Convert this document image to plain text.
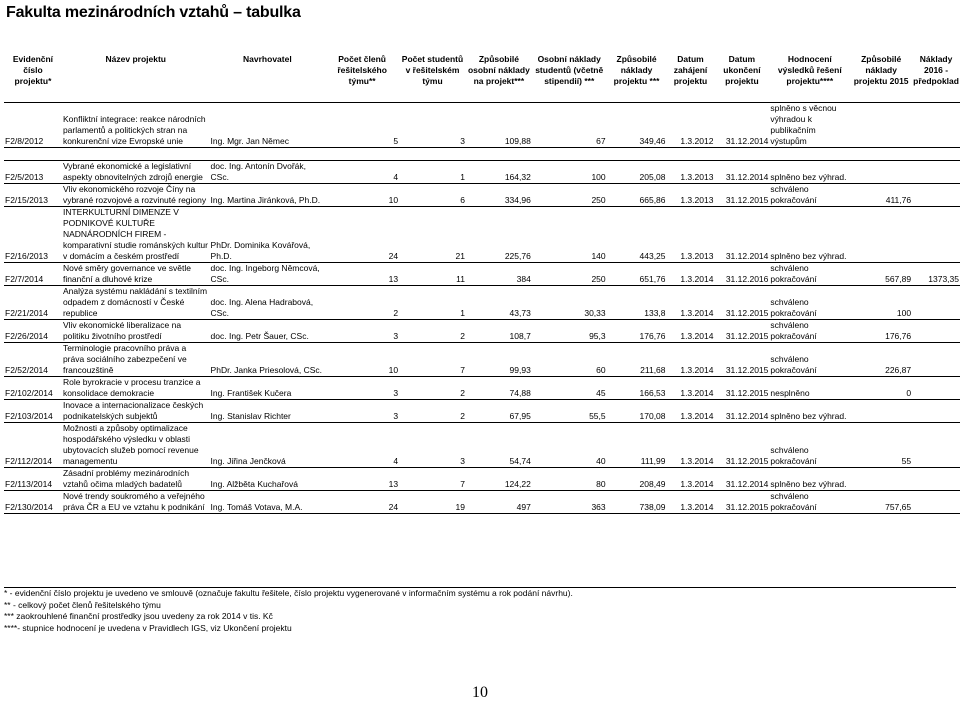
Fakulta mezinárodních vztahů – tabulka
Evidenční číslo projektu*	Název projektu	Navrhovatel	Počet členů řešitelského týmu**	Počet studentů v řešitelském týmu	Způsobilé osobní náklady na projekt***	Osobní náklady studentů (včetně stipendií) ***	Způsobilé náklady projektu ***	Datum zahájení projektu	Datum ukončení projektu	Hodnocení výsledků řešení projektu****	Způsobilé náklady projektu 2015	Náklady 2016 - předpoklad
F2/8/2012	Konfliktní integrace: reakce národních parlamentů a politických stran na konkurenční vize Evropské unie	Ing. Mgr. Jan Němec	5	3	109,88	67	349,46	1.3.2012	31.12.2014	splněno s věcnou výhradou k publikačním výstupům		

F2/5/2013	Vybrané ekonomické a legislativní aspekty obnovitelných zdrojů energie	doc. Ing. Antonín Dvořák, CSc.	4	1	164,32	100	205,08	1.3.2013	31.12.2014	splněno bez výhrad.		
F2/15/2013	Vliv ekonomického rozvoje Číny na vybrané rozvojové a rozvinuté regiony	Ing. Martina Jiránková, Ph.D.	10	6	334,96	250	665,86	1.3.2013	31.12.2015	schváleno pokračování	411,76	
F2/16/2013	INTERKULTURNÍ DIMENZE V PODNIKOVÉ KULTUŘE NADNÁRODNÍCH FIREM - komparativní studie románských kultur v domácím a českém prostředí	PhDr. Dominika Kovářová, Ph.D.	24	21	225,76	140	443,25	1.3.2013	31.12.2014	splněno bez výhrad.		
F2/7/2014	Nové směry governance ve světle finanční a dluhové krize	doc. Ing. Ingeborg Němcová, CSc.	13	11	384	250	651,76	1.3.2014	31.12.2016	schváleno pokračování	567,89	1373,35
F2/21/2014	Analýza systému nakládání s textilním odpadem z domácností v České republice	doc. Ing. Alena Hadrabová, CSc.	2	1	43,73	30,33	133,8	1.3.2014	31.12.2015	schváleno pokračování	100	
F2/26/2014	Vliv ekonomické liberalizace na politiku životního prostředí	doc. Ing. Petr Šauer, CSc.	3	2	108,7	95,3	176,76	1.3.2014	31.12.2015	schváleno pokračování	176,76	
F2/52/2014	Terminologie pracovního práva a práva sociálního zabezpečení ve francouzštině	PhDr. Janka Priesolová, CSc.	10	7	99,93	60	211,68	1.3.2014	31.12.2015	schváleno pokračování	226,87	
F2/102/2014	Role byrokracie v procesu tranzice a konsolidace demokracie	Ing. František Kučera	3	2	74,88	45	166,53	1.3.2014	31.12.2015	nesplněno	0	
F2/103/2014	Inovace a internacionalizace českých podnikatelských subjektů	Ing. Stanislav Richter	3	2	67,95	55,5	170,08	1.3.2014	31.12.2014	splněno bez výhrad.		
F2/112/2014	Možnosti a způsoby optimalizace hospodářského výsledku v oblasti ubytovacích služeb pomocí revenue managementu	Ing. Jiřina Jenčková	4	3	54,74	40	111,99	1.3.2014	31.12.2015	schváleno pokračování	55	
F2/113/2014	Zásadní problémy mezinárodních vztahů očima mladých badatelů	Ing. Alžběta Kuchařová	13	7	124,22	80	208,49	1.3.2014	31.12.2014	splněno bez výhrad.		
F2/130/2014	Nové trendy soukromého a veřejného práva ČR a EU ve vztahu k podnikání	Ing. Tomáš Votava, M.A.	24	19	497	363	738,09	1.3.2014	31.12.2015	schváleno pokračování	757,65	
* - evidenční číslo projektu je uvedeno ve smlouvě (označuje fakultu řešitele, číslo projektu vygenerované v informačním systému a rok podání návrhu).
** - celkový počet členů řešitelského týmu
*** zaokrouhlené finanční prostředky jsou uvedeny za rok 2014 v tis. Kč
****- stupnice hodnocení je uvedena v Pravidlech IGS, viz Ukončení projektu
10
